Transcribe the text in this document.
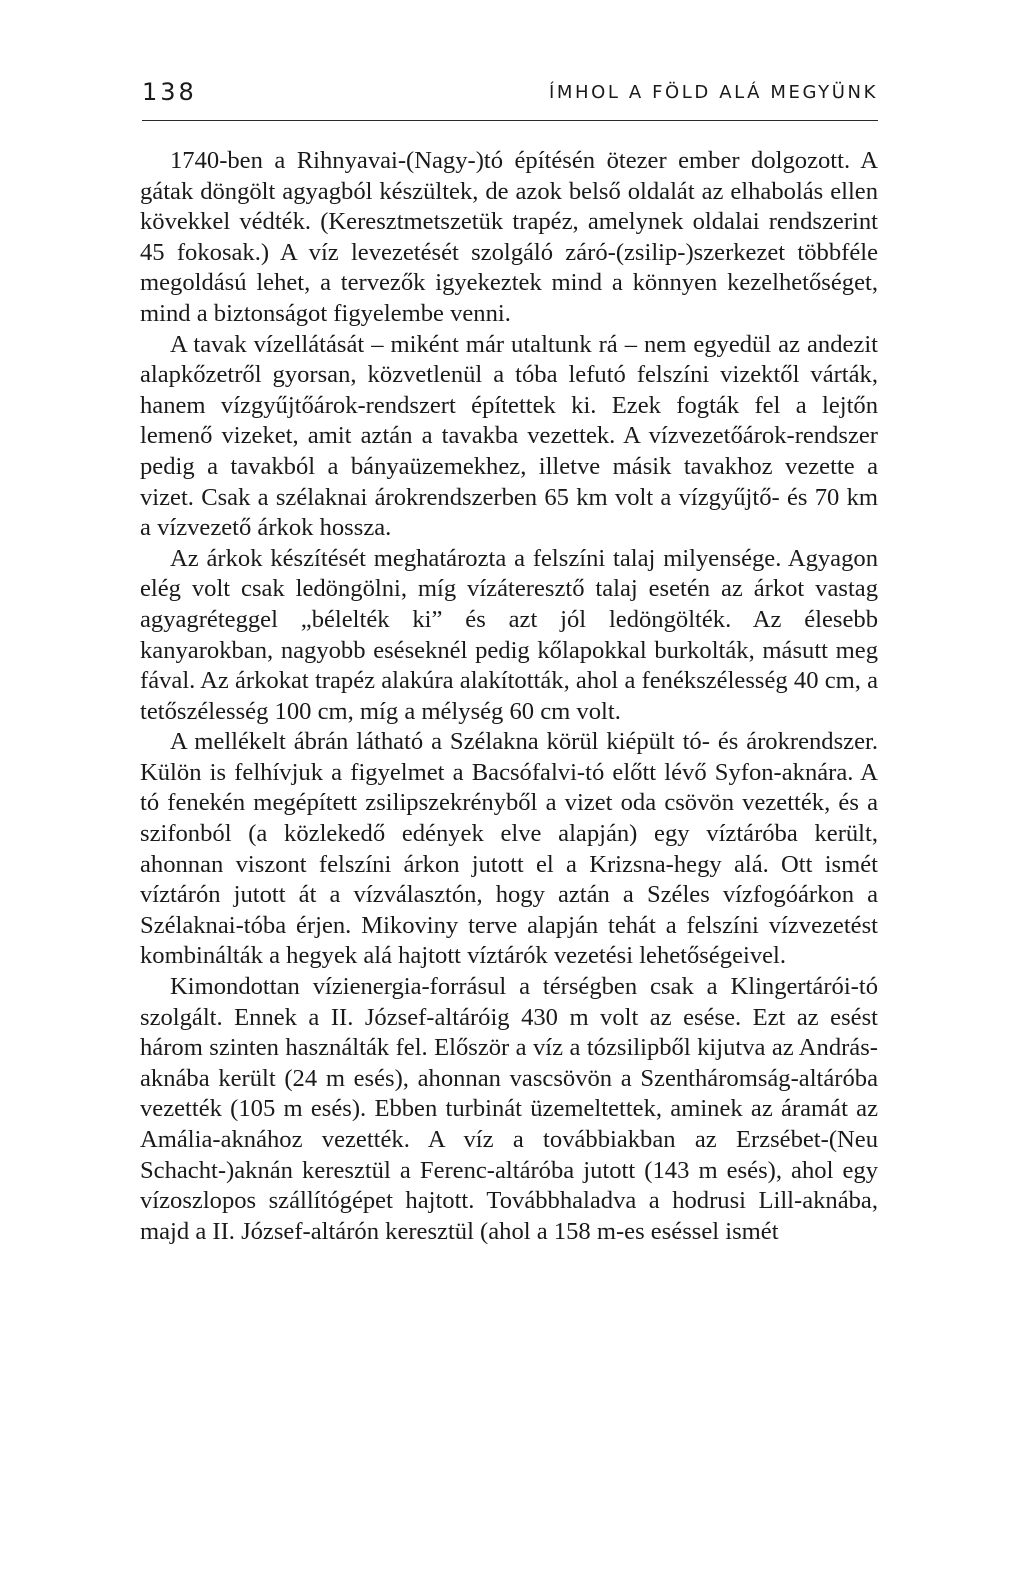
138	ÍMHOL A FÖLD ALÁ MEGYÜNK

1740-ben a Rihnyavai-(Nagy-)tó építésén ötezer ember dolgozott. A gátak döngölt agyagból készültek, de azok belső oldalát az elhabolás ellen kövekkel védték. (Keresztmetszetük trapéz, amelynek oldalai rendszerint 45 fokosak.) A víz levezetését szolgáló záró-(zsilip-)szerkezet többféle megoldású lehet, a tervezők igyekeztek mind a könnyen kezelhetőséget, mind a biztonságot figyelembe venni.

A tavak vízellátását – miként már utaltunk rá – nem egyedül az andezit alapkőzetről gyorsan, közvetlenül a tóba lefutó felszíni vizektől várták, hanem vízgyűjtőárok-rendszert építettek ki. Ezek fogták fel a lejtőn lemenő vizeket, amit aztán a tavakba vezettek. A vízvezetőárok-rendszer pedig a tavakból a bányaüzemekhez, illetve másik tavakhoz vezette a vizet. Csak a szélaknai árokrendszerben 65 km volt a vízgyűjtő- és 70 km a vízvezető árkok hossza.

Az árkok készítését meghatározta a felszíni talaj milyensége. Agyagon elég volt csak ledöngölni, míg vízáteresztő talaj esetén az árkot vastag agyagréteggel „bélelték ki” és azt jól ledöngölték. Az élesebb kanyarokban, nagyobb eséseknél pedig kőlapokkal burkolták, másutt meg fával. Az árkokat trapéz alakúra alakították, ahol a fenékszélesség 40 cm, a tetőszélesség 100 cm, míg a mélység 60 cm volt.

A mellékelt ábrán látható a Szélakna körül kiépült tó- és árokrendszer. Külön is felhívjuk a figyelmet a Bacsófalvi-tó előtt lévő Syfon-aknára. A tó fenekén megépített zsilipszekrényből a vizet oda csövön vezették, és a szifonból (a közlekedő edények elve alapján) egy víztáróba került, ahonnan viszont felszíni árkon jutott el a Krizsna-hegy alá. Ott ismét víztárón jutott át a vízválasztón, hogy aztán a Széles vízfogóárkon a Szélaknai-tóba érjen. Mikoviny terve alapján tehát a felszíni vízvezetést kombinálták a hegyek alá hajtott víztárók vezetési lehetőségeivel.

Kimondottan vízienergia-forrásul a térségben csak a Klingertárói-tó szolgált. Ennek a II. József-altáróig 430 m volt az esése. Ezt az esést három szinten használták fel. Először a víz a tózsilipből kijutva az András-aknába került (24 m esés), ahonnan vascsövön a Szentháromság-altáróba vezették (105 m esés). Ebben turbinát üzemeltettek, aminek az áramát az Amália-aknához vezették. A víz a továbbiakban az Erzsébet-(Neu Schacht-)aknán keresztül a Ferenc-altáróba jutott (143 m esés), ahol egy vízoszlopos szállítógépet hajtott. Továbbhaladva a hodrusi Lill-aknába, majd a II. József-altárón keresztül (ahol a 158 m-es eséssel ismét
